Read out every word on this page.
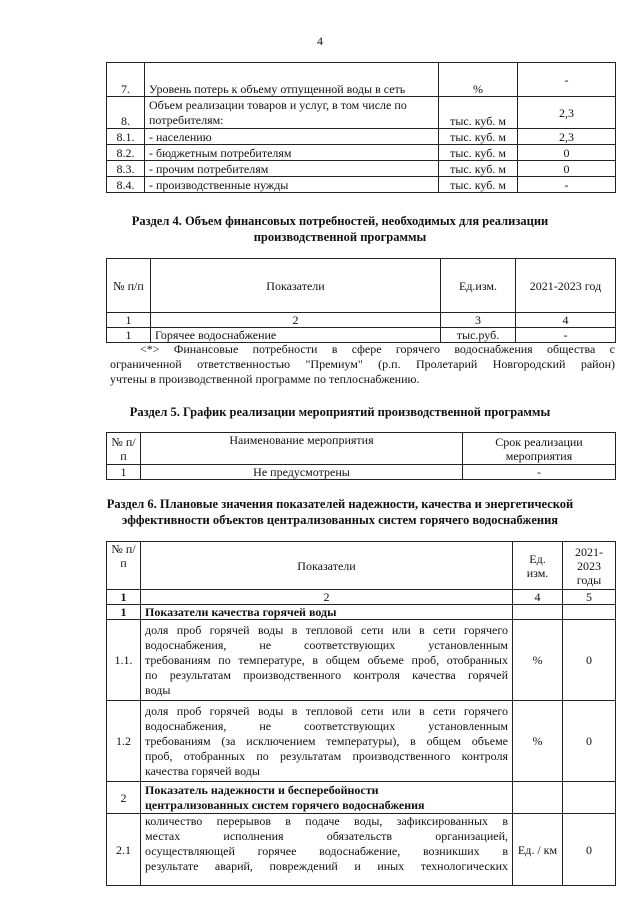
4
7.	Уровень потерь к объему отпущенной воды в сеть	%	-
8.	Объем реализации товаров и услуг, в том числе по потребителям:	тыс. куб. м	2,3
8.1.	- населению	тыс. куб. м	2,3
8.2.	- бюджетным потребителям	тыс. куб. м	0
8.3.	- прочим потребителям	тыс. куб. м	0
8.4.	- производственные нужды	тыс. куб. м	-
Раздел 4. Объем финансовых потребностей, необходимых для реализации
производственной программы
№ п/п	Показатели	Ед.изм.	2021-2023 год
1	2	3	4
1	Горячее водоснабжение	тыс.руб.	-
<*> Финансовые потребности в сфере горячего водоснабжения общества с
ограниченной ответственностью "Премиум" (р.п. Пролетарий Новгородский район)
учтены в производственной программе по теплоснабжению.
Раздел 5. График реализации мероприятий производственной программы
№ п/п	Наименование мероприятия	Срок реализации
мероприятия

1	Не предусмотрены	-
Раздел 6. Плановые значения показателей надежности, качества и энергетической
эффективности объектов централизованных систем горячего водоснабжения
№ п/п	Показатели	Ед. изм.	2021- 2023 годы
1	2	4	5
1	Показатели качества горячей воды		
1.1.	доля проб горячей воды в тепловой сети или в сети горячего
водоснабжения, не соответствующих установленным
требованиям по температуре, в общем объеме проб, отобранных
по результатам производственного контроля качества горячей
воды	%	0
1.2	доля проб горячей воды в тепловой сети или в сети горячего
водоснабжения, не соответствующих установленным
требованиям (за исключением температуры), в общем объеме
проб, отобранных по результатам производственного контроля
качества горячей воды	%	0
2	Показатель надежности и бесперебойности
централизованных систем горячего водоснабжения		

2.1	количество перерывов в подаче воды, зафиксированных в
местах исполнения обязательств организацией,
осуществляющей горячее водоснабжение, возникших в
результате аварий, повреждений и иных технологических	Ед. / км	0
